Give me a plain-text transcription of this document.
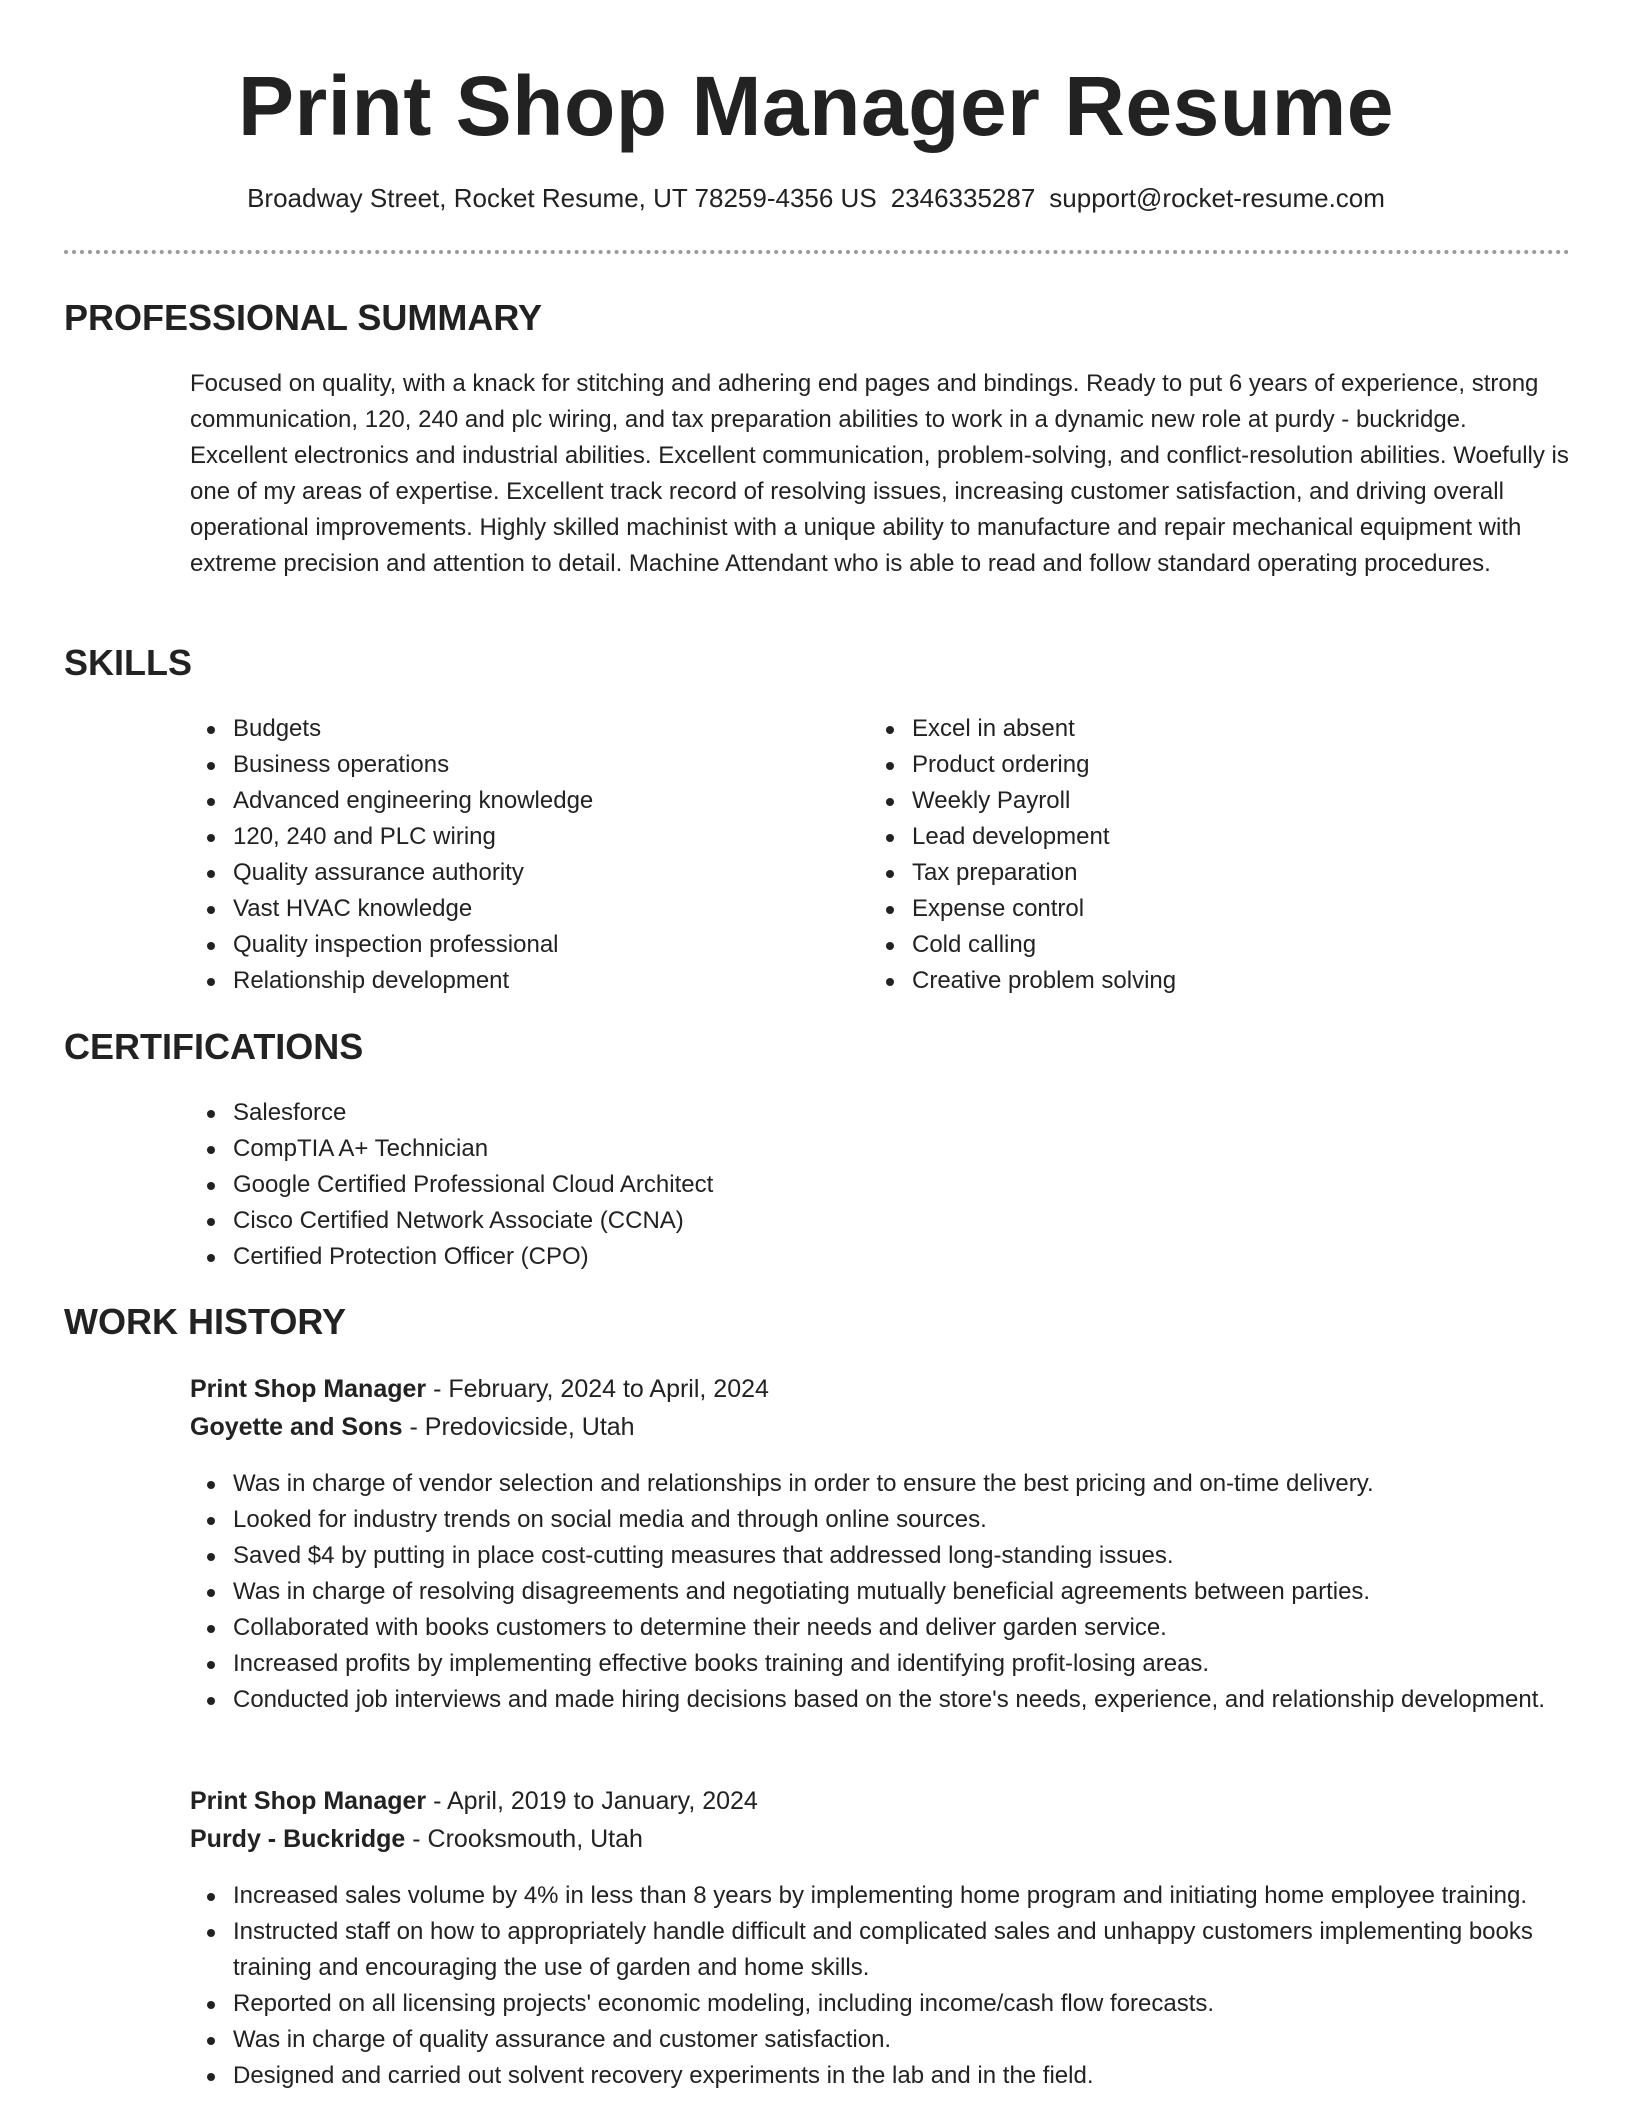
Print Shop Manager Resume
Broadway Street, Rocket Resume, UT 78259-4356 US 2346335287 support@rocket-resume.com
PROFESSIONAL SUMMARY
Focused on quality, with a knack for stitching and adhering end pages and bindings. Ready to put 6 years of experience, strong communication, 120, 240 and plc wiring, and tax preparation abilities to work in a dynamic new role at purdy - buckridge. Excellent electronics and industrial abilities. Excellent communication, problem-solving, and conflict-resolution abilities. Woefully is one of my areas of expertise. Excellent track record of resolving issues, increasing customer satisfaction, and driving overall operational improvements. Highly skilled machinist with a unique ability to manufacture and repair mechanical equipment with extreme precision and attention to detail. Machine Attendant who is able to read and follow standard operating procedures.
SKILLS
Budgets
Business operations
Advanced engineering knowledge
120, 240 and PLC wiring
Quality assurance authority
Vast HVAC knowledge
Quality inspection professional
Relationship development
Excel in absent
Product ordering
Weekly Payroll
Lead development
Tax preparation
Expense control
Cold calling
Creative problem solving
CERTIFICATIONS
Salesforce
CompTIA A+ Technician
Google Certified Professional Cloud Architect
Cisco Certified Network Associate (CCNA)
Certified Protection Officer (CPO)
WORK HISTORY
Print Shop Manager - February, 2024 to April, 2024
Goyette and Sons - Predovicside, Utah
Was in charge of vendor selection and relationships in order to ensure the best pricing and on-time delivery.
Looked for industry trends on social media and through online sources.
Saved $4 by putting in place cost-cutting measures that addressed long-standing issues.
Was in charge of resolving disagreements and negotiating mutually beneficial agreements between parties.
Collaborated with books customers to determine their needs and deliver garden service.
Increased profits by implementing effective books training and identifying profit-losing areas.
Conducted job interviews and made hiring decisions based on the store's needs, experience, and relationship development.
Print Shop Manager - April, 2019 to January, 2024
Purdy - Buckridge - Crooksmouth, Utah
Increased sales volume by 4% in less than 8 years by implementing home program and initiating home employee training.
Instructed staff on how to appropriately handle difficult and complicated sales and unhappy customers implementing books training and encouraging the use of garden and home skills.
Reported on all licensing projects' economic modeling, including income/cash flow forecasts.
Was in charge of quality assurance and customer satisfaction.
Designed and carried out solvent recovery experiments in the lab and in the field.
